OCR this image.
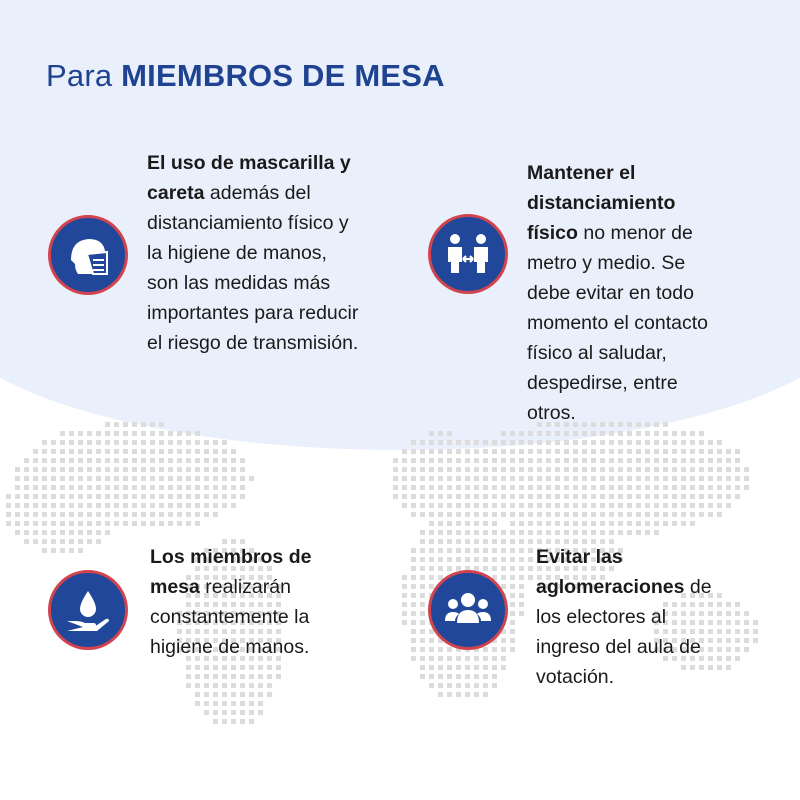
Para MIEMBROS DE MESA
El uso de mascarilla y careta además del distanciamiento físico y la higiene de manos, son las medidas más importantes para reducir el riesgo de transmisión.
Mantener el distanciamiento físico no menor de metro y medio. Se debe evitar en todo momento el contacto físico al saludar, despedirse, entre otros.
Los miembros de mesa realizarán constantemente la higiene de manos.
Evitar las aglomeraciones de los electores al ingreso del aula de votación.
